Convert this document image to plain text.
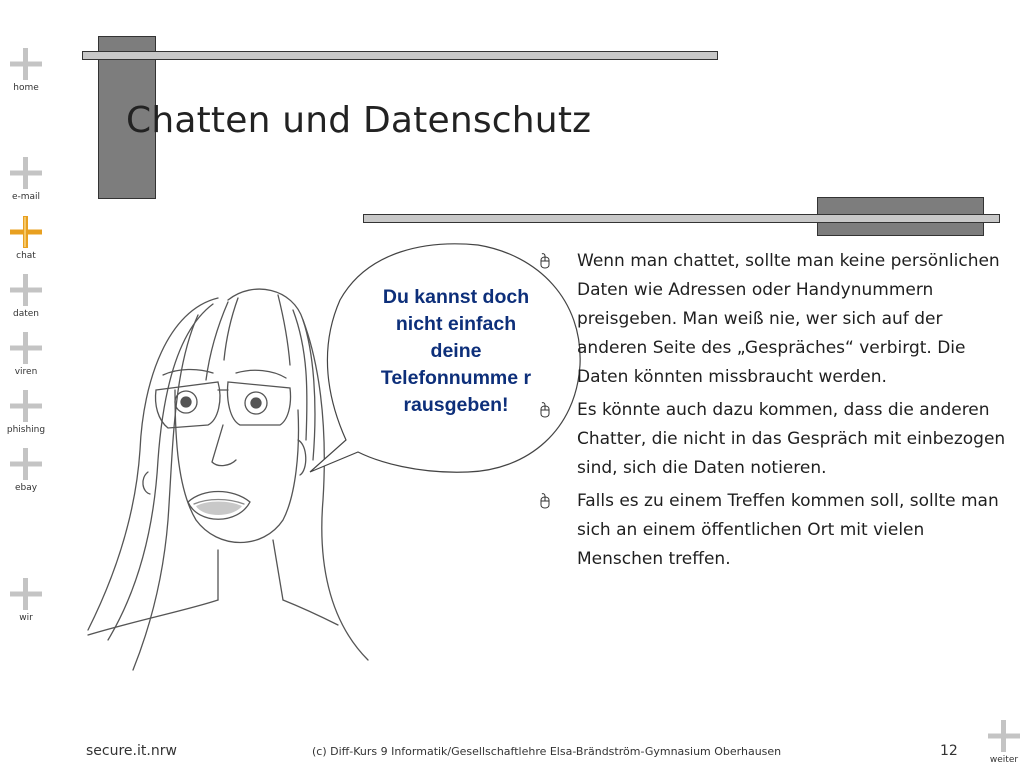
home
e-mail
chat
daten
viren
phishing
ebay
wir
weiter
Chatten und Datenschutz
Du kannst doch nicht einfach deine Telefonnumme r rausgeben!
Wenn man chattet, sollte man keine persönlichen Daten wie Adressen oder Handynummern preisgeben. Man weiß nie, wer sich auf der anderen Seite des „Gespräches“ verbirgt. Die Daten könnten missbraucht werden.
Es könnte auch dazu kommen, dass die anderen Chatter, die nicht in das Gespräch mit einbezogen sind, sich die Daten notieren.
Falls es zu einem Treffen kommen soll, sollte man sich an einem öffentlichen Ort mit vielen Menschen treffen.
secure.it.nrw	(c) Diff-Kurs 9 Informatik/Gesellschaftlehre Elsa-Brändström-Gymnasium Oberhausen	12
